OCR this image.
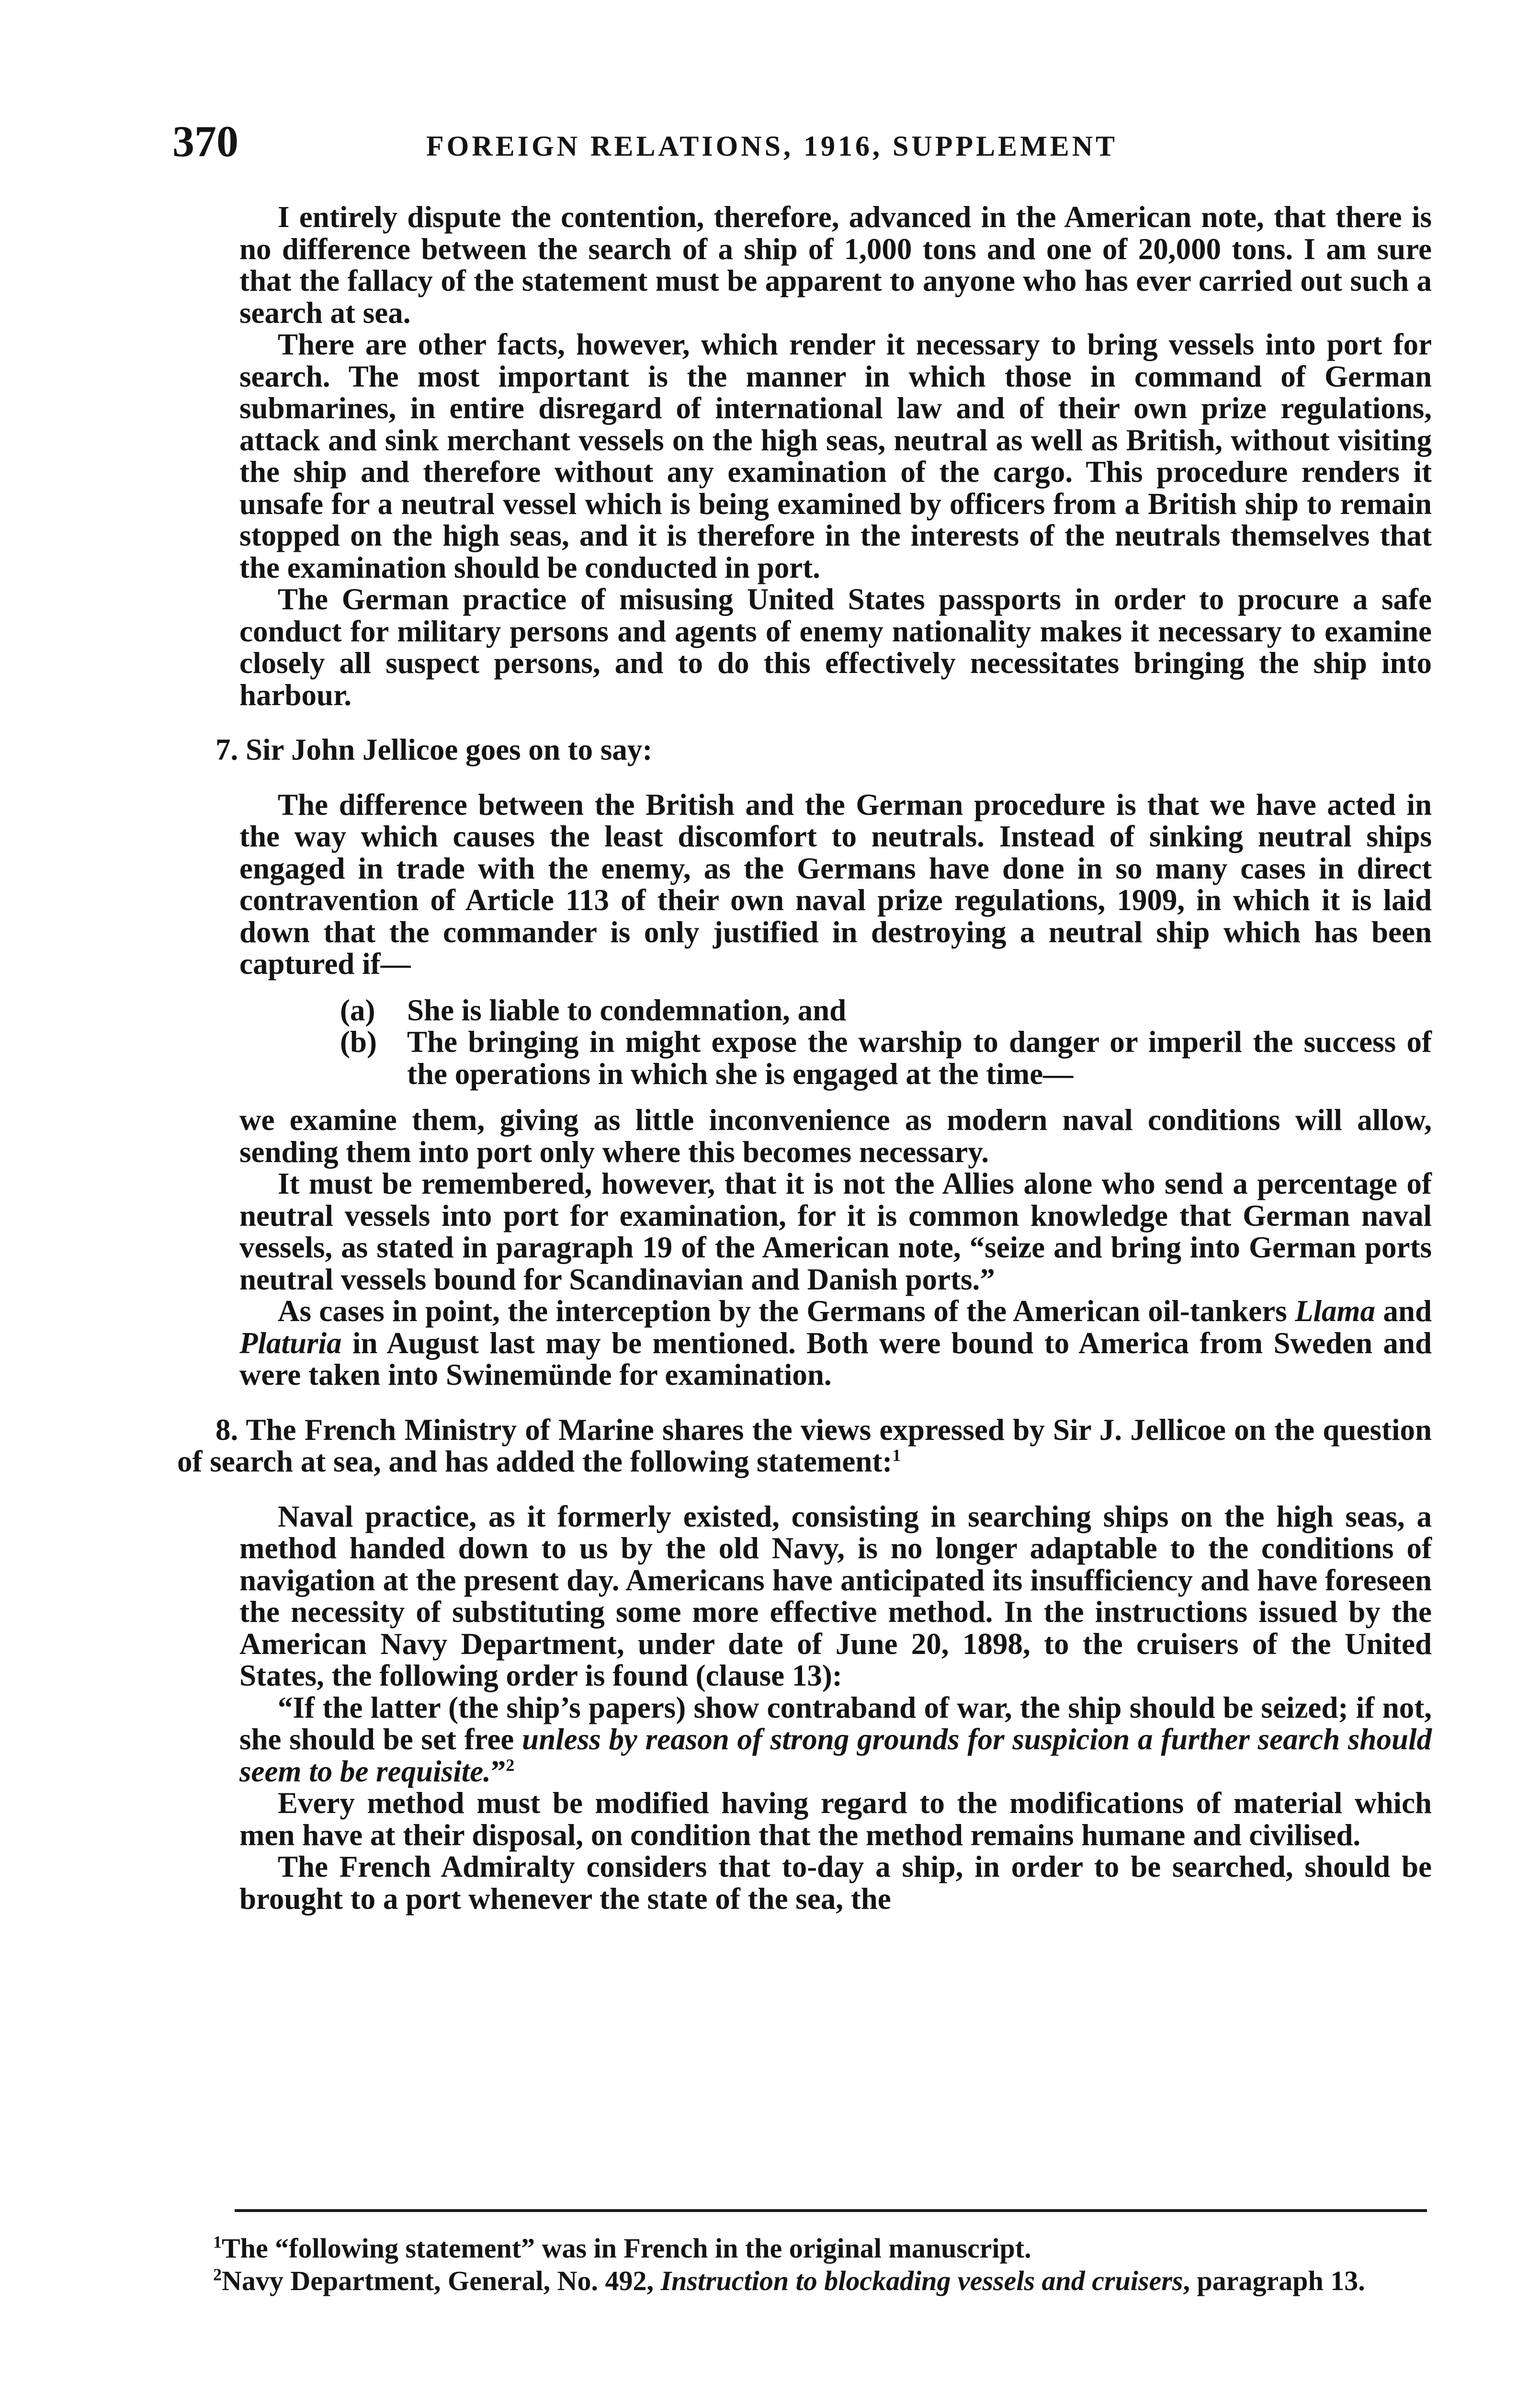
370	FOREIGN RELATIONS, 1916, SUPPLEMENT

I entirely dispute the contention, therefore, advanced in the American note, that there is no difference between the search of a ship of 1,000 tons and one of 20,000 tons. I am sure that the fallacy of the statement must be apparent to anyone who has ever carried out such a search at sea.

There are other facts, however, which render it necessary to bring vessels into port for search. The most important is the manner in which those in command of German submarines, in entire disregard of international law and of their own prize regulations, attack and sink merchant vessels on the high seas, neutral as well as British, without visiting the ship and therefore without any examination of the cargo. This procedure renders it unsafe for a neutral vessel which is being examined by officers from a British ship to remain stopped on the high seas, and it is therefore in the interests of the neutrals themselves that the examination should be conducted in port.

The German practice of misusing United States passports in order to procure a safe conduct for military persons and agents of enemy nationality makes it necessary to examine closely all suspect persons, and to do this effectively necessitates bringing the ship into harbour.

7. Sir John Jellicoe goes on to say:

The difference between the British and the German procedure is that we have acted in the way which causes the least discomfort to neutrals. Instead of sinking neutral ships engaged in trade with the enemy, as the Germans have done in so many cases in direct contravention of Article 113 of their own naval prize regulations, 1909, in which it is laid down that the commander is only justified in destroying a neutral ship which has been captured if—

(a)	She is liable to condemnation, and
(b)	The bringing in might expose the warship to danger or imperil the success of the operations in which she is engaged at the time—

we examine them, giving as little inconvenience as modern naval conditions will allow, sending them into port only where this becomes necessary.

It must be remembered, however, that it is not the Allies alone who send a percentage of neutral vessels into port for examination, for it is common knowledge that German naval vessels, as stated in paragraph 19 of the American note, “seize and bring into German ports neutral vessels bound for Scandinavian and Danish ports.”

As cases in point, the interception by the Germans of the American oil-tankers Llama and Platuria in August last may be mentioned. Both were bound to America from Sweden and were taken into Swinemünde for examination.

8. The French Ministry of Marine shares the views expressed by Sir J. Jellicoe on the question of search at sea, and has added the following statement:$^1$

Naval practice, as it formerly existed, consisting in searching ships on the high seas, a method handed down to us by the old Navy, is no longer adaptable to the conditions of navigation at the present day. Americans have anticipated its insufficiency and have foreseen the necessity of substituting some more effective method. In the instructions issued by the American Navy Department, under date of June 20, 1898, to the cruisers of the United States, the following order is found (clause 13):

“If the latter (the ship’s papers) show contraband of war, the ship should be seized; if not, she should be set free unless by reason of strong grounds for suspicion a further search should seem to be requisite.”$^2$

Every method must be modified having regard to the modifications of material which men have at their disposal, on condition that the method remains humane and civilised.

The French Admiralty considers that to-day a ship, in order to be searched, should be brought to a port whenever the state of the sea, the

$^1$The “following statement” was in French in the original manuscript.

$^2$Navy Department, General, No. 492, Instruction to blockading vessels and cruisers, paragraph 13.
